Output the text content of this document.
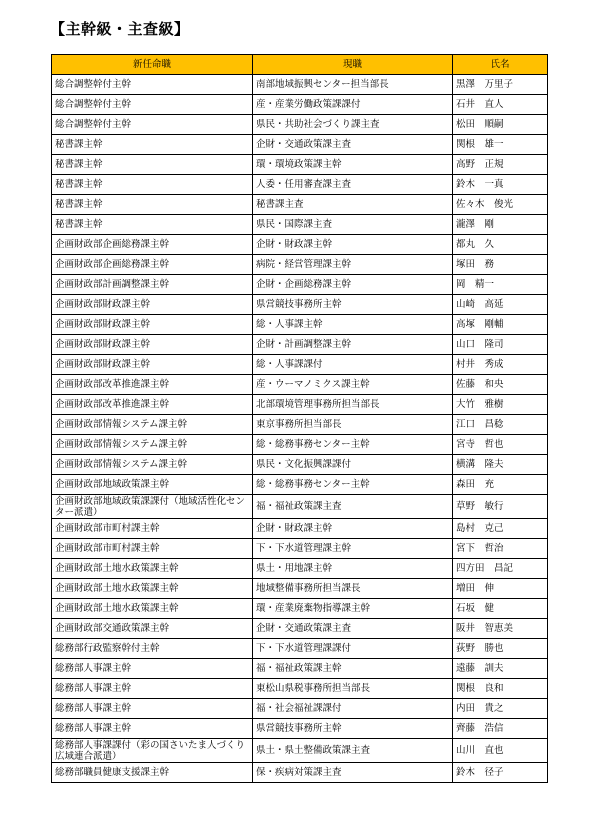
【主幹級・主査級】
新任命職	現職	氏名
総合調整幹付主幹	南部地域振興センター担当部長	黒澤　万里子
総合調整幹付主幹	産・産業労働政策課課付	石井　直人
総合調整幹付主幹	県民・共助社会づくり課主査	松田　順嗣
秘書課主幹	企財・交通政策課主査	関根　雄一
秘書課主幹	環・環境政策課主幹	高野　正規
秘書課主幹	人委・任用審査課主査	鈴木　一真
秘書課主幹	秘書課主査	佐々木　俊光
秘書課主幹	県民・国際課主査	瀧澤　剛
企画財政部企画総務課主幹	企財・財政課主幹	都丸　久
企画財政部企画総務課主幹	病院・経営管理課主幹	塚田　務
企画財政部計画調整課主幹	企財・企画総務課主幹	岡　精一
企画財政部財政課主幹	県営競技事務所主幹	山崎　高延
企画財政部財政課主幹	総・人事課主幹	高塚　剛輔
企画財政部財政課主幹	企財・計画調整課主幹	山口　隆司
企画財政部財政課主幹	総・人事課課付	村井　秀成
企画財政部改革推進課主幹	産・ウーマノミクス課主幹	佐藤　和央
企画財政部改革推進課主幹	北部環境管理事務所担当部長	大竹　雅樹
企画財政部情報システム課主幹	東京事務所担当部長	江口　昌稔
企画財政部情報システム課主幹	総・総務事務センター主幹	宮寺　哲也
企画財政部情報システム課主幹	県民・文化振興課課付	横溝　隆夫
企画財政部地域政策課主幹	総・総務事務センター主幹	森田　充
企画財政部地域政策課課付（地域活性化センター派遣）	福・福祉政策課主査	草野　敏行
企画財政部市町村課主幹	企財・財政課主幹	島村　克己
企画財政部市町村課主幹	下・下水道管理課主幹	宮下　哲治
企画財政部土地水政策課主幹	県土・用地課主幹	四方田　昌記
企画財政部土地水政策課主幹	地域整備事務所担当課長	増田　伸
企画財政部土地水政策課主幹	環・産業廃棄物指導課主幹	石坂　健
企画財政部交通政策課主幹	企財・交通政策課主査	阪井　智恵美
総務部行政監察幹付主幹	下・下水道管理課課付	荻野　勝也
総務部人事課主幹	福・福祉政策課主幹	遠藤　訓夫
総務部人事課主幹	東松山県税事務所担当部長	関根　良和
総務部人事課主幹	福・社会福祉課課付	内田　貴之
総務部人事課主幹	県営競技事務所主幹	齊藤　浩信
総務部人事課課付（彩の国さいたま人づくり広域連合派遣）	県土・県土整備政策課主査	山川　直也
総務部職員健康支援課主幹	保・疾病対策課主査	鈴木　径子
